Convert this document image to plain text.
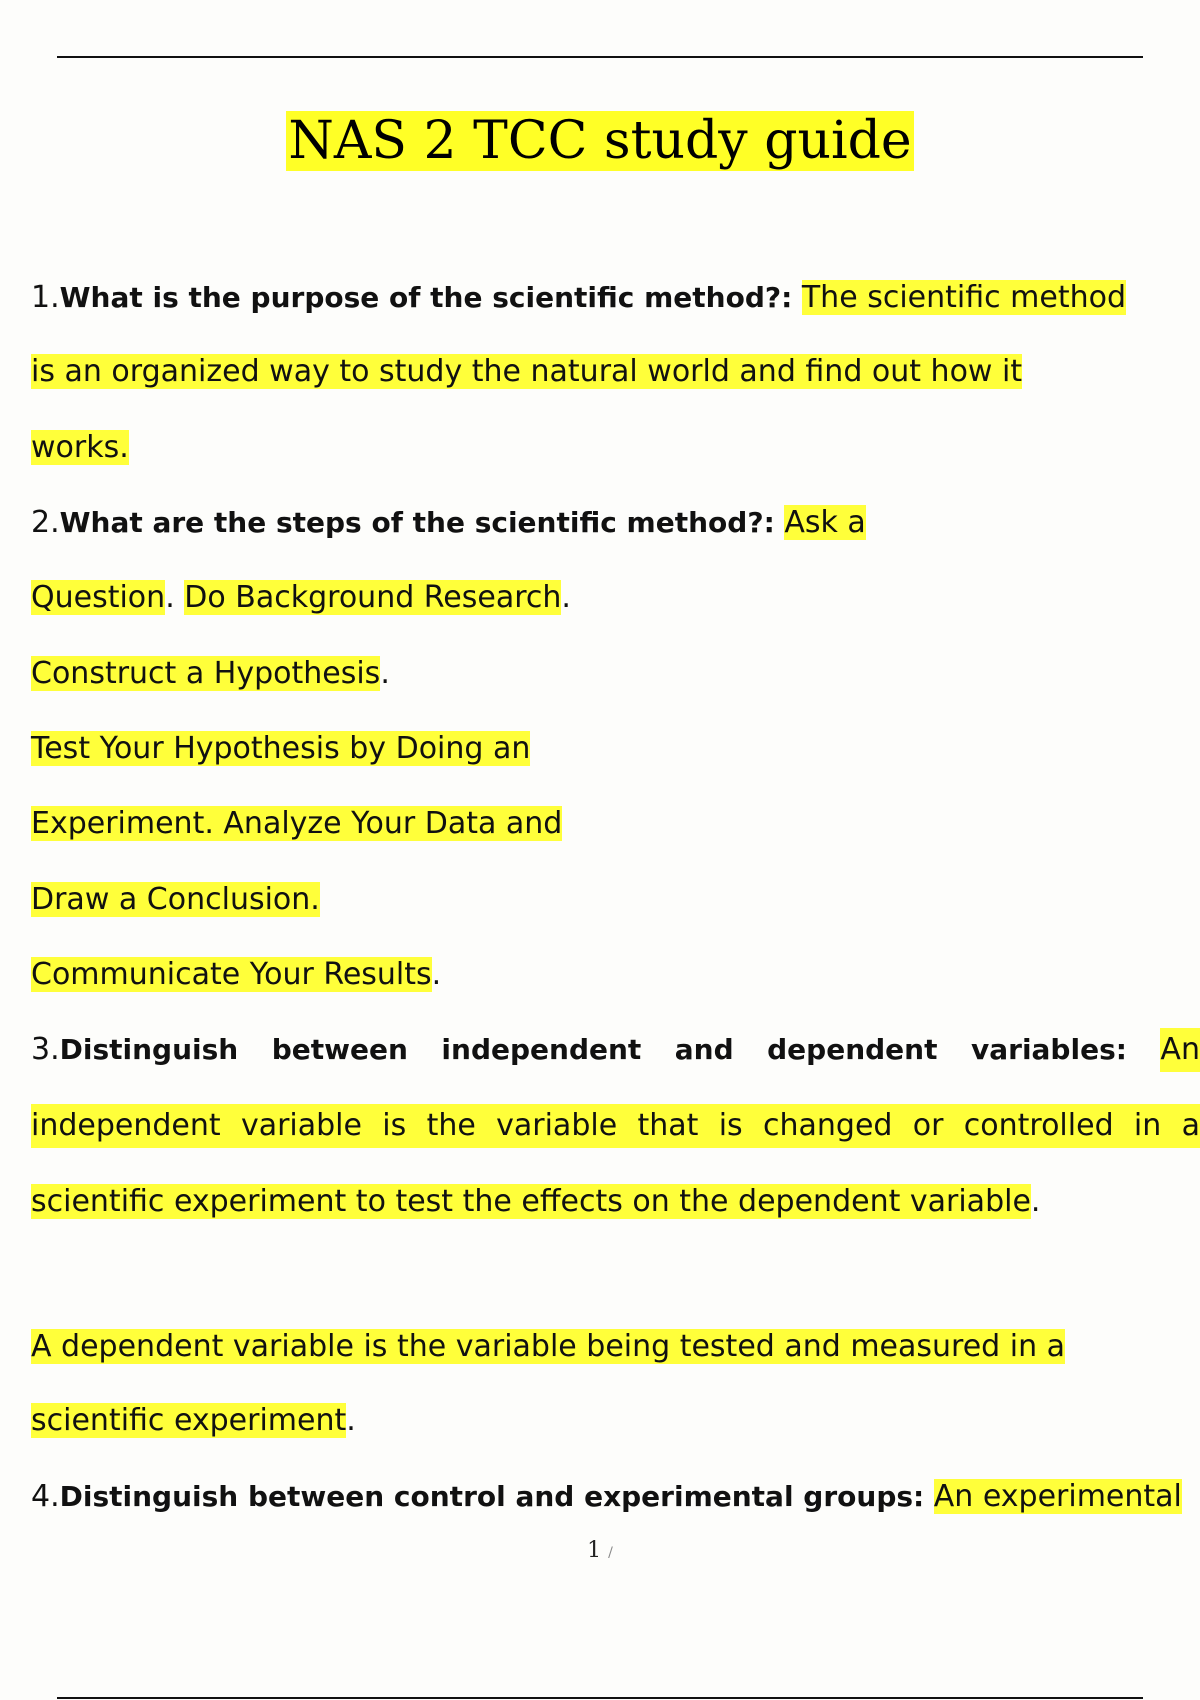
NAS 2 TCC study guide
1.What is the purpose of the scientific method?: The scientific method
is an organized way to study the natural world and find out how it
works.
2.What are the steps of the scientific method?: Ask a
Question. Do Background Research.
Construct a Hypothesis.
Test Your Hypothesis by Doing an
Experiment. Analyze Your Data and
Draw a Conclusion.
Communicate Your Results.
3.Distinguish between independent and dependent variables: An
independent variable is the variable that is changed or controlled in a
scientific experiment to test the effects on the dependent variable.
A dependent variable is the variable being tested and measured in a
scientific experiment.
4.Distinguish between control and experimental groups: An experimental
1 /
